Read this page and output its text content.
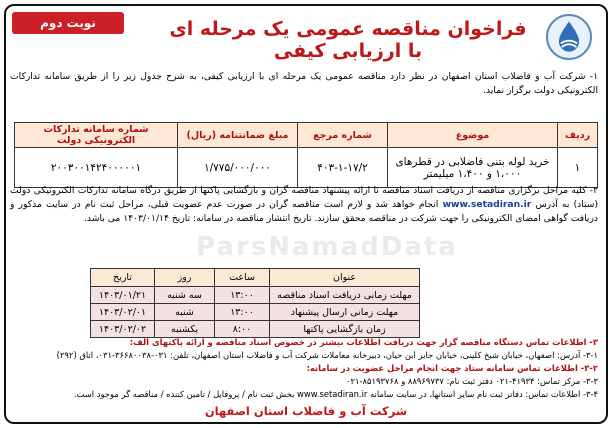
فراخوان مناقصه عمومی یک مرحله ای با ارزیابی کیفی
نوبت دوم
۱- شرکت آب و فاضلاب استان اصفهان در نظر دارد مناقصه عمومی یک مرحله ای با ارزیابی کیفی، به شرح جدول زیر را از طریق سامانه تدارکات الکترونیکی دولت برگزار نماید.
ردیف	موضوع	شماره مرجع	مبلغ ضمانتنامه (ریال)	شماره سامانه تدارکات الکترونیکی دولت
۱	خرید لوله بتنی فاضلابی در قطرهای ۱،۰۰۰ و ۱،۴۰۰ میلیمتر	۴۰۳-۱-۱۷/۲	۱/۷۷۵/۰۰۰/۰۰۰	۲۰۰۳۰۰۱۴۲۴۰۰۰۰۰۱
۲- کلیه مراحل برگزاری مناقصه از دریافت اسناد مناقصه تا ارائه پیشنهاد مناقصه گران و بازگشایی پاکتها از طریق درگاه سامانه تدارکات الکترونیکی دولت (ستاد) به آدرس www.setadiran.ir انجام خواهد شد و لازم است مناقصه گران در صورت عدم عضویت قبلی، مراحل ثبت نام در سایت مذکور و دریافت گواهی امضای الکترونیکی را جهت شرکت در مناقصه محقق سازند. تاریخ انتشار مناقصه در سامانه: تاریخ ۱۴۰۳/۰۱/۱۴ می باشد.
ParsNamadData
عنوان	ساعت	روز	تاریخ
مهلت زمانی دریافت اسناد مناقصه	۱۳:۰۰	سه شنبه	۱۴۰۳/۰۱/۲۱
مهلت زمانی ارسال پیشنهاد	۱۳:۰۰	شنبه	۱۴۰۳/۰۲/۰۱
زمان بازگشایی پاکتها	۸:۰۰	یکشنبه	۱۴۰۳/۰۲/۰۲
۳- اطلاعات تماس دستگاه مناقصه گزار جهت دریافت اطلاعات بیشتر در خصوص اسناد مناقصه و ارائه پاکتهای الف:
۳-۱- آدرس: اصفهان، خیابان شیخ کلینی، خیابان جابر ابن حیان، دبیرخانه معاملات شرکت آب و فاضلاب استان اصفهان، تلفن: ۰۳۱-۳۶۶۸۰۰۳۸-۰۳۱، اتاق (۲۹۲)
۳-۲- اطلاعات تماس سامانه ستاد جهت انجام مراحل عضویت در سامانه:
۳-۳- مرکز تماس: ۴۱۹۳۴-۰۲۱ دفتر ثبت نام: ۸۸۹۶۹۷۳۷ و ۸۵۱۹۳۷۶۸-۰۲۱
۳-۴- اطلاعات تماس: دفاتر ثبت نام سایر استانها، در سایت سامانه www.setadiran.ir بخش ثبت نام / پروفایل / تامین کننده / مناقصه گر موجود است.
شرکت آب و فاضلاب استان اصفهان
